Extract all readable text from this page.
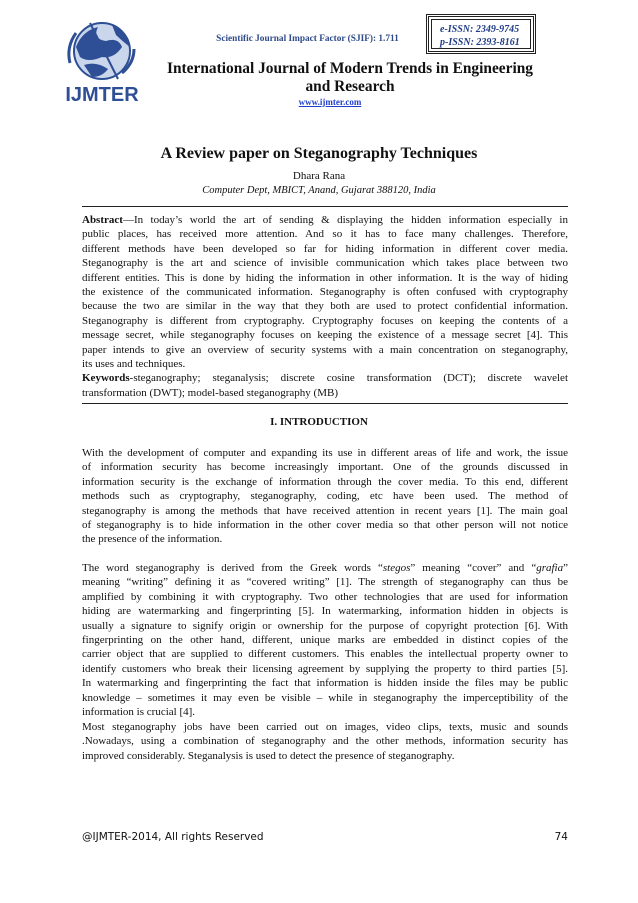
IJMTER
Scientific Journal Impact Factor (SJIF): 1.711
e-ISSN: 2349-9745
p-ISSN: 2393-8161
International Journal of Modern Trends in Engineering
and Research
www.ijmter.com
A Review paper on Steganography Techniques
Dhara Rana
Computer Dept, MBICT, Anand, Gujarat 388120, India
Abstract—In today’s world the art of sending & displaying the hidden information especially in
public places, has received more attention. And so it has to face many challenges. Therefore,
different methods have been developed so far for hiding information in different cover media.
Steganography is the art and science of invisible communication which takes place between two
different entities. This is done by hiding the information in other information. It is the way of hiding
the existence of the communicated information. Steganography is often confused with cryptography
because the two are similar in the way that they both are used to protect confidential information.
Steganography is different from cryptography. Cryptography focuses on keeping the contents of a
message secret, while steganography focuses on keeping the existence of a message secret [4]. This
paper intends to give an overview of security systems with a main concentration on steganography,
its uses and techniques.
Keywords-steganography; steganalysis; discrete cosine transformation (DCT); discrete wavelet
transformation (DWT); model-based steganography (MB)
I. INTRODUCTION
With the development of computer and expanding its use in different areas of life and work, the issue
of information security has become increasingly important. One of the grounds discussed in
information security is the exchange of information through the cover media. To this end, different
methods such as cryptography, steganography, coding, etc have been used. The method of
steganography is among the methods that have received attention in recent years [1]. The main goal
of steganography is to hide information in the other cover media so that other person will not notice
the presence of the information.
The word steganography is derived from the Greek words “stegos” meaning “cover” and “grafia”
meaning “writing” defining it as “covered writing” [1]. The strength of steganography can thus be
amplified by combining it with cryptography. Two other technologies that are used for information
hiding are watermarking and fingerprinting [5]. In watermarking, information hidden in objects is
usually a signature to signify origin or ownership for the purpose of copyright protection [6]. With
fingerprinting on the other hand, different, unique marks are embedded in distinct copies of the
carrier object that are supplied to different customers. This enables the intellectual property owner to
identify customers who break their licensing agreement by supplying the property to third parties [5].
In watermarking and fingerprinting the fact that information is hidden inside the files may be public
knowledge – sometimes it may even be visible – while in steganography the imperceptibility of the
information is crucial [4].
Most steganography jobs have been carried out on images, video clips, texts, music and sounds
.Nowadays, using a combination of steganography and the other methods, information security has
improved considerably. Steganalysis is used to detect the presence of steganography.
@IJMTER-2014, All rights Reserved	74
